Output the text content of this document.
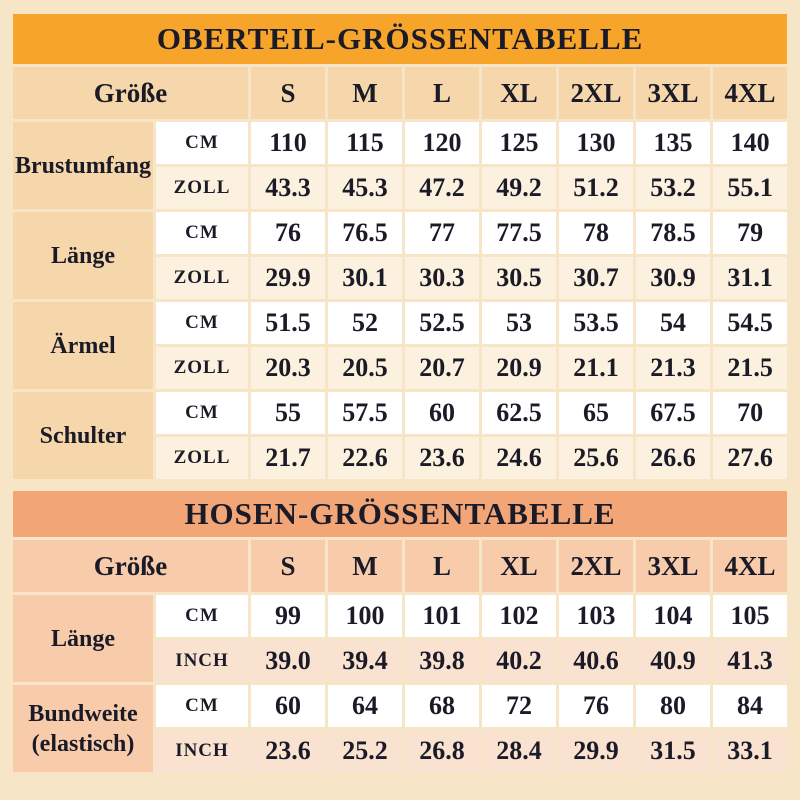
OBERTEIL-GRÖSSENTABELLE								
Größe		S	M	L	XL	2XL	3XL	4XL
Brustumfang	CM	110	115	120	125	130	135	140
	ZOLL	43.3	45.3	47.2	49.2	51.2	53.2	55.1
Länge	CM	76	76.5	77	77.5	78	78.5	79
	ZOLL	29.9	30.1	30.3	30.5	30.7	30.9	31.1
Ärmel	CM	51.5	52	52.5	53	53.5	54	54.5
	ZOLL	20.3	20.5	20.7	20.9	21.1	21.3	21.5
Schulter	CM	55	57.5	60	62.5	65	67.5	70
	ZOLL	21.7	22.6	23.6	24.6	25.6	26.6	27.6
HOSEN-GRÖSSENTABELLE								
Größe		S	M	L	XL	2XL	3XL	4XL
Länge	CM	99	100	101	102	103	104	105
	INCH	39.0	39.4	39.8	40.2	40.6	40.9	41.3
Bundweite (elastisch)	CM	60	64	68	72	76	80	84
	INCH	23.6	25.2	26.8	28.4	29.9	31.5	33.1
